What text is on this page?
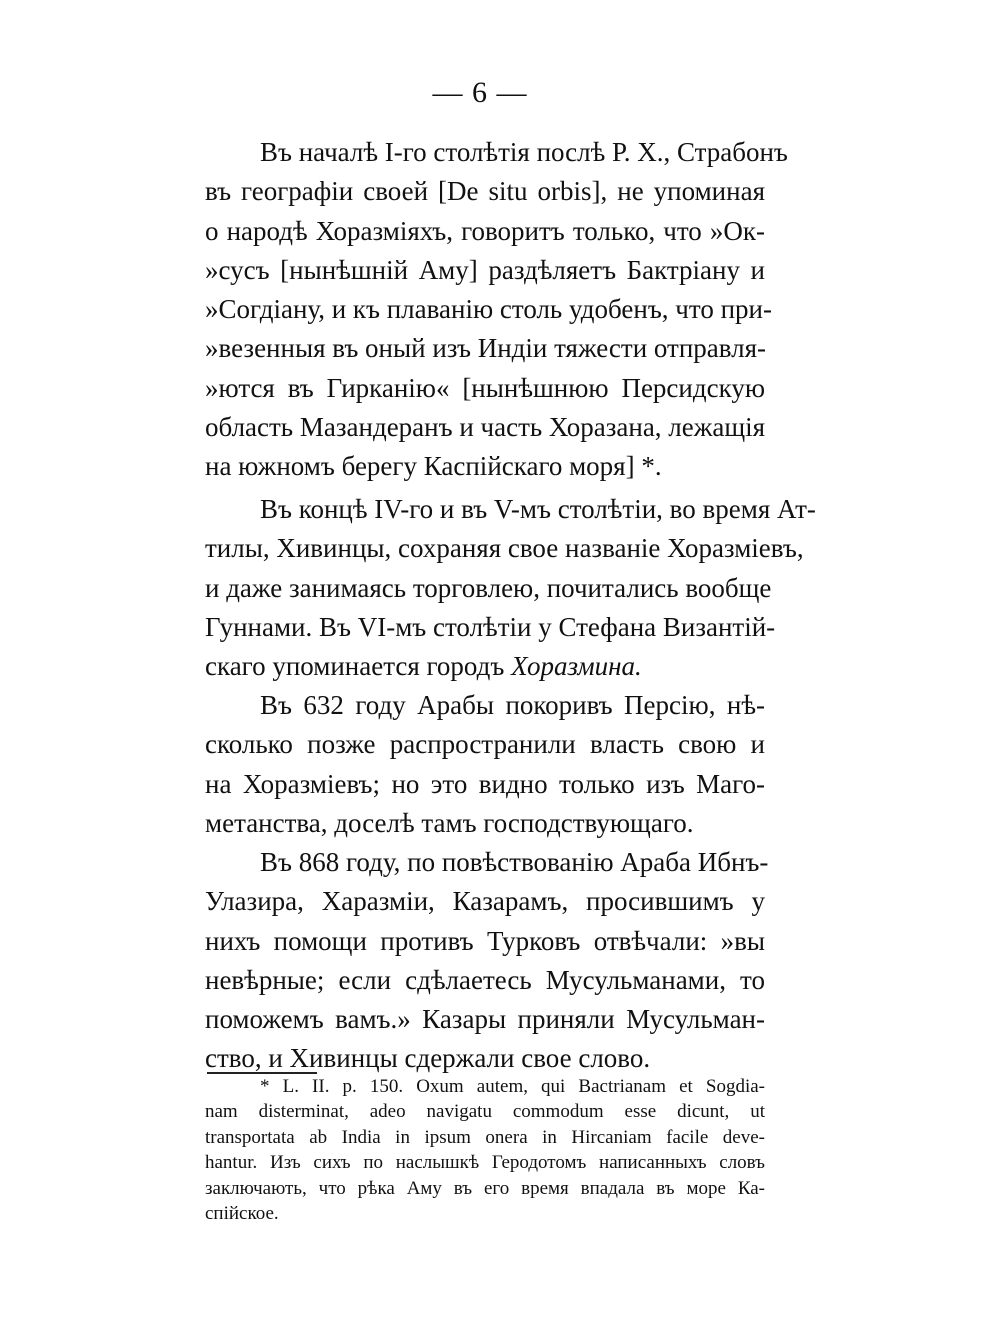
— 6 —
Въ началѣ I-го столѣтія послѣ Р. Х., Страбонъ
въ географіи своей [De situ orbis], не упоминая
о народѣ Хоразміяхъ, говоритъ только, что »Ок-
»сусъ [нынѣшній Аму] раздѣляетъ Бактріану и
»Согдіану, и къ плаванію столь удобенъ, что при-
»везенныя въ оный изъ Индіи тяжести отправля-
»ются въ Гирканію« [нынѣшнюю Персидскую
область Мазандеранъ и часть Хоразана, лежащія
на южномъ берегу Каспійскаго моря] *.
Въ концѣ IV-го и въ V-мъ столѣтіи, во время Ат-
тилы, Хивинцы, сохраняя свое названіе Хоразміевъ,
и даже занимаясь торговлею, почитались вообще
Гуннами. Въ VI-мъ столѣтіи у Стефана Византій-
скаго упоминается городъ Хоразмина.
Въ 632 году Арабы покоривъ Персію, нѣ-
сколько позже распространили власть свою и
на Хоразміевъ; но это видно только изъ Маго-
метанства, доселѣ тамъ господствующаго.
Въ 868 году, по повѣствованію Араба Ибнъ-
Улазира, Харазміи, Казарамъ, просившимъ у
нихъ помощи противъ Турковъ отвѣчали: »вы
невѣрные; если сдѣлаетесь Мусульманами, то
поможемъ вамъ.» Казары приняли Мусульман-
ство, и Хивинцы сдержали свое слово.
* L. II. p. 150. Oxum autem, qui Bactrianam et Sogdia-
nam disterminat, adeo navigatu commodum esse dicunt, ut
transportata ab India in ipsum onera in Hircaniam facile deve-
hantur. Изъ сихъ по наслышкѣ Геродотомъ написанныхъ словъ
заключають, что рѣка Аму въ его время впадала въ море Ка-
спійское.
